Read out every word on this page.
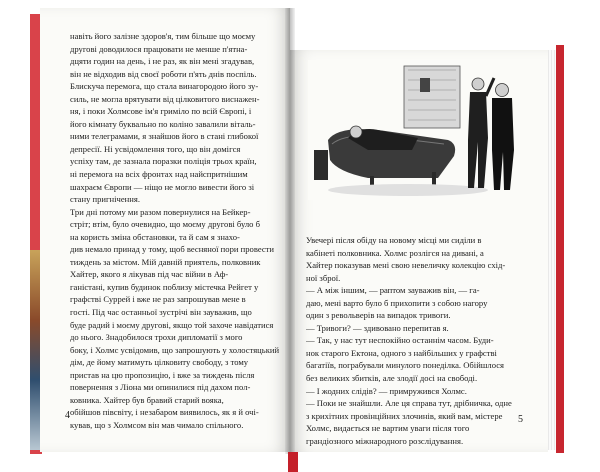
навіть його залізне здоров'я, тим більше що моєму
другові доводилося працювати не менше п'ятна-
дцяти годин на день, і не раз, як він мені згадував,
він не відходив від своєї роботи п'ять днів поспіль.
Блискуча перемога, що стала винагородою його зу-
силь, не могла врятувати від цілковитого виснажен-
ня, і поки Холмсове ім'я гриміло по всій Європі, і
його кімнату буквально по коліно завалили віталь-
ними телеграмами, я знайшов його в стані глибокої
депресії. Ні усвідомлення того, що він домігся
успіху там, де зазнала поразки поліція трьох країн,
ні перемога на всіх фронтах над найспритнішим
шахраєм Європи — ніщо не могло вивести його зі
стану пригнічення.
Три дні потому ми разом повернулися на Бейкер-
стріт; втім, було очевидно, що моєму другові було б
на користь зміна обстановки, та й сам я знахо-
див немало принад у тому, щоб весняної пори провести
тиждень за містом. Мій давній приятель, полковник
Хайтер, якого я лікував під час війни в Аф-
ганістані, купив будинок поблизу містечка Рейгет у
графстві Суррей і вже не раз запрошував мене в
гості. Під час останньої зустрічі він зауважив, що
буде радий і моєму другові, якщо той захоче навідатися
до нього. Знадобилося трохи дипломатії з мого
боку, і Холмс усвідомив, що запрошують у холостяцький
дім, де йому матимуть цілковиту свободу, з тому
пристав на цю пропозицію, і вже за тиждень після
повернення з Ліона ми опинилися під дахом пол-
ковника. Хайтер був бравий старий вояка,
обійшов півсвіту, і незабаром виявилось, як я й очі-
кував, що з Холмсом він мав чимало спільного.
4
Увечері після обіду на новому місці ми сиділи в
кабінеті полковника. Холмс розлігся на дивані, а
Хайтер показував мені свою невеличку колекцію схід-
ної зброї.
— А між іншим, — раптом зауважив він, — га-
даю, мені варто було б прихопити з собою нагору
один з револьверів на випадок тривоги.
— Тривоги? — здивовано перепитав я.
— Так, у нас тут неспокійно останнім часом. Буди-
нок старого Ектона, одного з найбільших у графстві
багатіїв, пограбували минулого понеділка. Обійшлося
без великих збитків, але злодії досі на свободі.
— І жодних слідів? — примружився Холмс.
— Поки не знайшли. Але ця справа тут, дрібничка, одне
з крихітних провінційних злочинів, який вам, містере
Холмс, видається не вартим уваги після того
грандіозного міжнародного розслідування.
5
